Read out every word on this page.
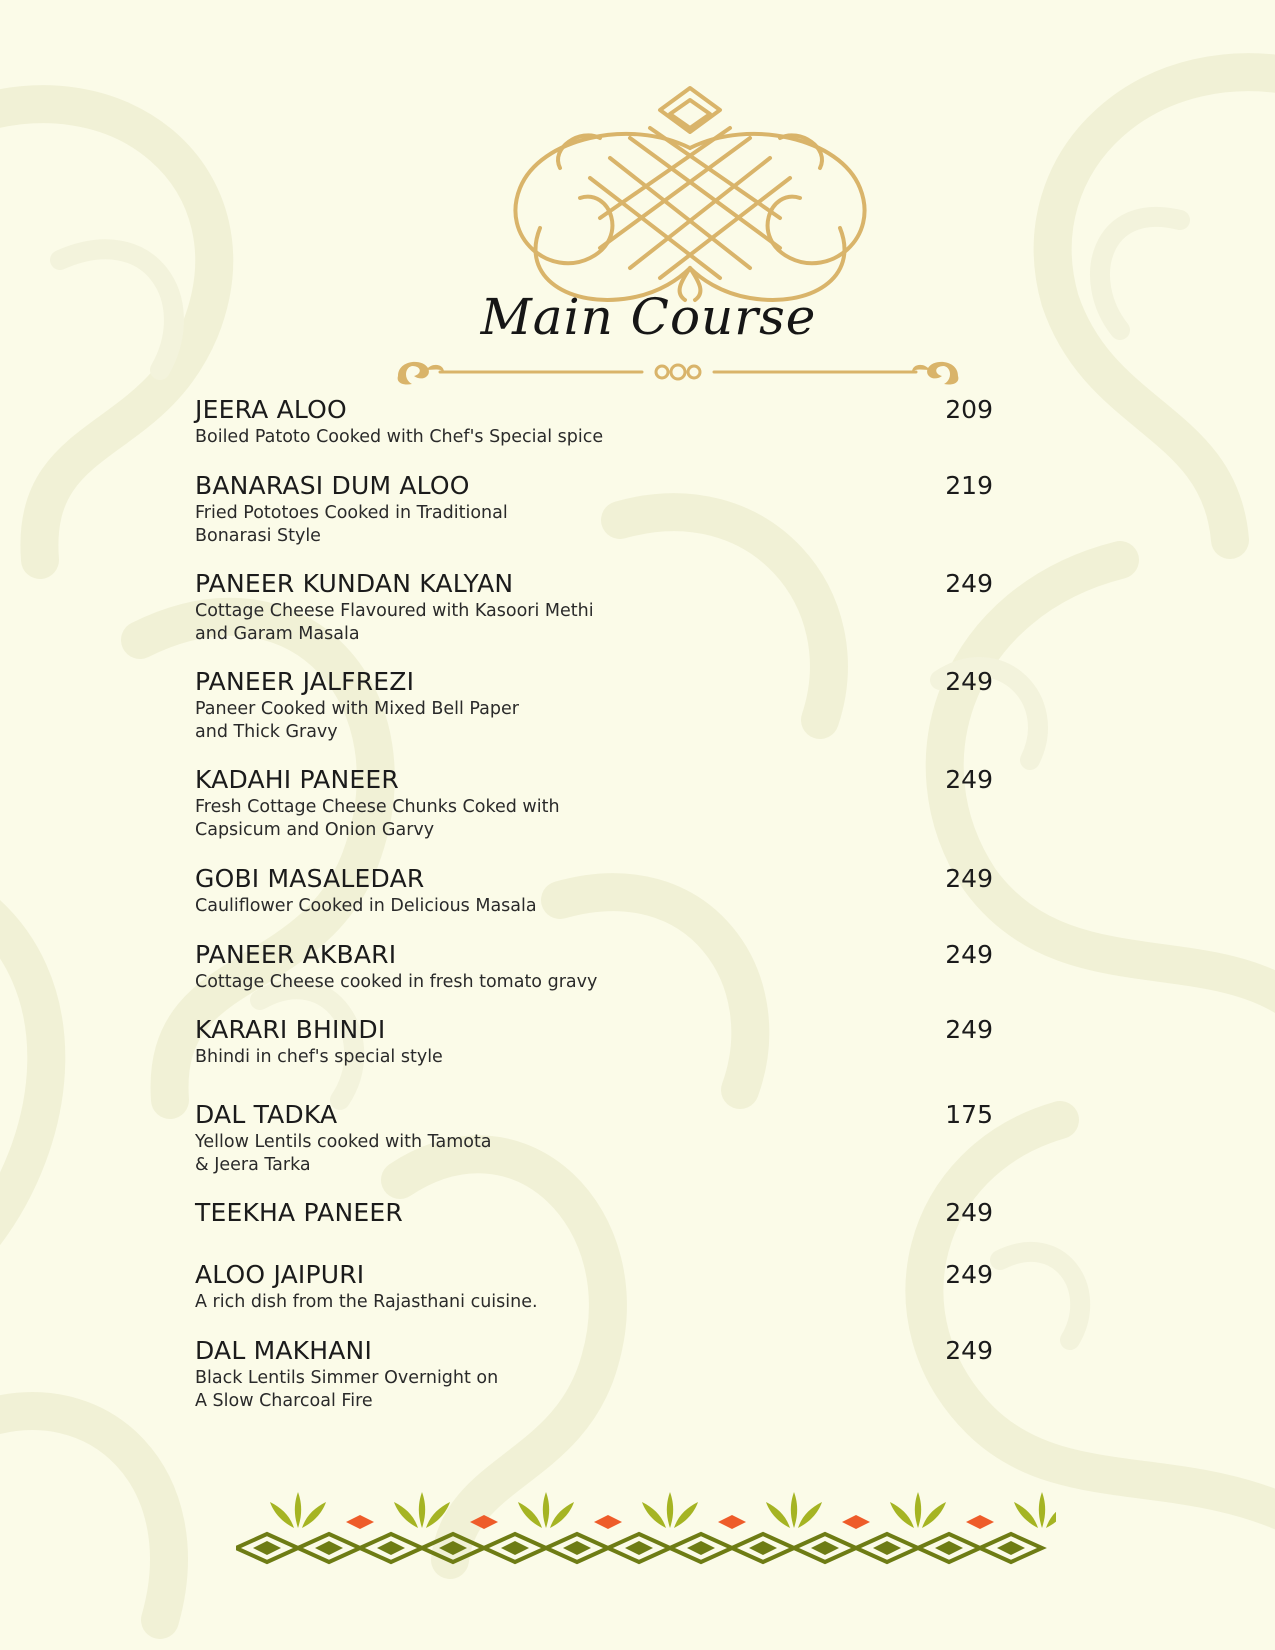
Main Course
JEERA ALOO
Boiled Patoto Cooked with Chef's Special spice
209
BANARASI DUM ALOO
Fried Pototoes Cooked in Traditional
Bonarasi Style
219
PANEER KUNDAN KALYAN
Cottage Cheese Flavoured with Kasoori Methi
and Garam Masala
249
PANEER JALFREZI
Paneer Cooked with Mixed Bell Paper
and Thick Gravy
249
KADAHI PANEER
Fresh Cottage Cheese Chunks Coked with
Capsicum and Onion Garvy
249
GOBI MASALEDAR
Cauliflower Cooked in Delicious Masala
249
PANEER AKBARI
Cottage Cheese cooked in fresh tomato gravy
249
KARARI BHINDI
Bhindi in chef's special style
249
DAL TADKA
Yellow Lentils cooked with Tamota
& Jeera Tarka
175
TEEKHA PANEER	249
ALOO JAIPURI
A rich dish from the Rajasthani cuisine.
249
DAL MAKHANI
Black Lentils Simmer Overnight on
A Slow Charcoal Fire
249
